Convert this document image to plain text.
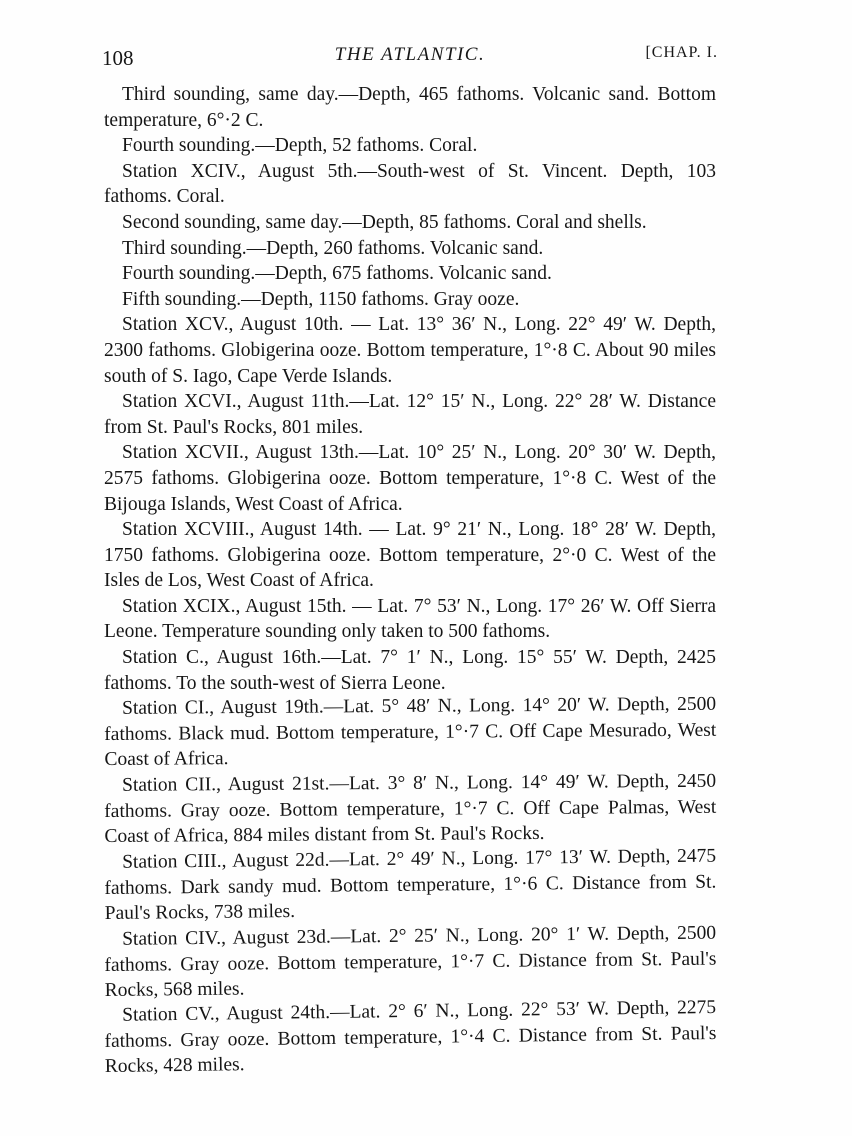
108	THE ATLANTIC.	[CHAP. I.

Third sounding, same day.—Depth, 465 fathoms. Volcanic sand. Bottom temperature, 6°·2 C.

Fourth sounding.—Depth, 52 fathoms. Coral.

Station XCIV., August 5th.—South-west of St. Vincent. Depth, 103 fathoms. Coral.

Second sounding, same day.—Depth, 85 fathoms. Coral and shells.

Third sounding.—Depth, 260 fathoms. Volcanic sand.

Fourth sounding.—Depth, 675 fathoms. Volcanic sand.

Fifth sounding.—Depth, 1150 fathoms. Gray ooze.

Station XCV., August 10th. — Lat. 13° 36′ N., Long. 22° 49′ W. Depth, 2300 fathoms. Globigerina ooze. Bottom temperature, 1°·8 C. About 90 miles south of S. Iago, Cape Verde Islands.

Station XCVI., August 11th.—Lat. 12° 15′ N., Long. 22° 28′ W. Distance from St. Paul's Rocks, 801 miles.

Station XCVII., August 13th.—Lat. 10° 25′ N., Long. 20° 30′ W. Depth, 2575 fathoms. Globigerina ooze. Bottom temperature, 1°·8 C. West of the Bijouga Islands, West Coast of Africa.

Station XCVIII., August 14th. — Lat. 9° 21′ N., Long. 18° 28′ W. Depth, 1750 fathoms. Globigerina ooze. Bottom temperature, 2°·0 C. West of the Isles de Los, West Coast of Africa.

Station XCIX., August 15th. — Lat. 7° 53′ N., Long. 17° 26′ W. Off Sierra Leone. Temperature sounding only taken to 500 fathoms.

Station C., August 16th.—Lat. 7° 1′ N., Long. 15° 55′ W. Depth, 2425 fathoms. To the south-west of Sierra Leone.

Station CI., August 19th.—Lat. 5° 48′ N., Long. 14° 20′ W. Depth, 2500 fathoms. Black mud. Bottom temperature, 1°·7 C. Off Cape Mesurado, West Coast of Africa.

Station CII., August 21st.—Lat. 3° 8′ N., Long. 14° 49′ W. Depth, 2450 fathoms. Gray ooze. Bottom temperature, 1°·7 C. Off Cape Palmas, West Coast of Africa, 884 miles distant from St. Paul's Rocks.

Station CIII., August 22d.—Lat. 2° 49′ N., Long. 17° 13′ W. Depth, 2475 fathoms. Dark sandy mud. Bottom temperature, 1°·6 C. Distance from St. Paul's Rocks, 738 miles.

Station CIV., August 23d.—Lat. 2° 25′ N., Long. 20° 1′ W. Depth, 2500 fathoms. Gray ooze. Bottom temperature, 1°·7 C. Distance from St. Paul's Rocks, 568 miles.

Station CV., August 24th.—Lat. 2° 6′ N., Long. 22° 53′ W. Depth, 2275 fathoms. Gray ooze. Bottom temperature, 1°·4 C. Distance from St. Paul's Rocks, 428 miles.
